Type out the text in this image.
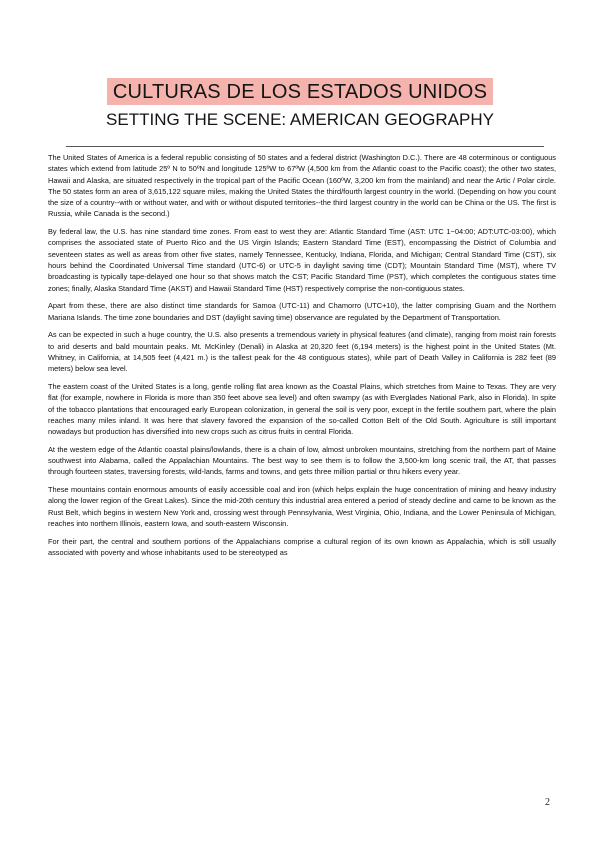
CULTURAS DE LOS ESTADOS UNIDOS
SETTING THE SCENE: AMERICAN GEOGRAPHY

The United States of America is a federal republic consisting of 50 states and a federal district (Washington D.C.). There are 48 coterminous or contiguous states which extend from latitude 25º N to 50ºN and longitude 125ºW to 67ºW (4,500 km from the Atlantic coast to the Pacific coast); the other two states, Hawaii and Alaska, are situated respectively in the tropical part of the Pacific Ocean (160ºW, 3,200 km from the mainland) and near the Artic / Polar circle. The 50 states form an area of 3,615,122 square miles, making the United States the third/fourth largest country in the world. (Depending on how you count the size of a country--with or without water, and with or without disputed territories--the third largest country in the world can be China or the US. The first is Russia, while Canada is the second.)

By federal law, the U.S. has nine standard time zones. From east to west they are: Atlantic Standard Time (AST: UTC 1−04:00; ADT:UTC-03:00), which comprises the associated state of Puerto Rico and the US Virgin Islands; Eastern Standard Time (EST), encompassing the District of Columbia and seventeen states as well as areas from other five states, namely Tennessee, Kentucky, Indiana, Florida, and Michigan; Central Standard Time (CST), six hours behind the Coordinated Universal Time standard (UTC-6) or UTC-5 in daylight saving time (CDT); Mountain Standard Time (MST), where TV broadcasting is typically tape-delayed one hour so that shows match the CST; Pacific Standard Time (PST), which completes the contiguous states time zones; finally, Alaska Standard Time (AKST) and Hawaii Standard Time (HST) respectively comprise the non-contiguous states.

Apart from these, there are also distinct time standards for Samoa (UTC-11) and Chamorro (UTC+10), the latter comprising Guam and the Northern Mariana Islands. The time zone boundaries and DST (daylight saving time) observance are regulated by the Department of Transportation.

As can be expected in such a huge country, the U.S. also presents a tremendous variety in physical features (and climate), ranging from moist rain forests to arid deserts and bald mountain peaks. Mt. McKinley (Denali) in Alaska at 20,320 feet (6,194 meters) is the highest point in the United States (Mt. Whitney, in California, at 14,505 feet (4,421 m.) is the tallest peak for the 48 contiguous states), while part of Death Valley in California is 282 feet (89 meters) below sea level.

The eastern coast of the United States is a long, gentle rolling flat area known as the Coastal Plains, which stretches from Maine to Texas. They are very flat (for example, nowhere in Florida is more than 350 feet above sea level) and often swampy (as with Everglades National Park, also in Florida). In spite of the tobacco plantations that encouraged early European colonization, in general the soil is very poor, except in the fertile southern part, where the plain reaches many miles inland. It was here that slavery favored the expansion of the so-called Cotton Belt of the Old South. Agriculture is still important nowadays but production has diversified into new crops such as citrus fruits in central Florida.

At the western edge of the Atlantic coastal plains/lowlands, there is a chain of low, almost unbroken mountains, stretching from the northern part of Maine southwest into Alabama, called the Appalachian Mountains. The best way to see them is to follow the 3,500-km long scenic trail, the AT, that passes through fourteen states, traversing forests, wild-lands, farms and towns, and gets three million partial or thru hikers every year.

These mountains contain enormous amounts of easily accessible coal and iron (which helps explain the huge concentration of mining and heavy industry along the lower region of the Great Lakes). Since the mid-20th century this industrial area entered a period of steady decline and came to be known as the Rust Belt, which begins in western New York and, crossing west through Pennsylvania, West Virginia, Ohio, Indiana, and the Lower Peninsula of Michigan, reaches into northern Illinois, eastern Iowa, and south-eastern Wisconsin.

For their part, the central and southern portions of the Appalachians comprise a cultural region of its own known as Appalachia, which is still usually associated with poverty and whose inhabitants used to be stereotyped as

2
